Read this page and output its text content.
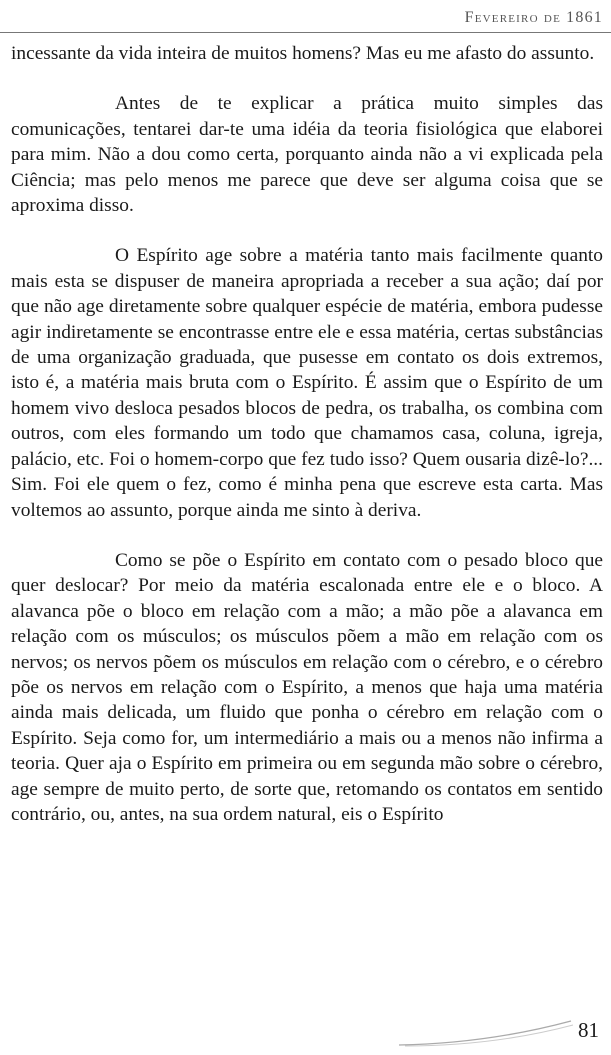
Fevereiro de 1861

incessante da vida inteira de muitos homens? Mas eu me afasto do assunto.

Antes de te explicar a prática muito simples das comunicações, tentarei dar-te uma idéia da teoria fisiológica que elaborei para mim. Não a dou como certa, porquanto ainda não a vi explicada pela Ciência; mas pelo menos me parece que deve ser alguma coisa que se aproxima disso.

O Espírito age sobre a matéria tanto mais facilmente quanto mais esta se dispuser de maneira apropriada a receber a sua ação; daí por que não age diretamente sobre qualquer espécie de matéria, embora pudesse agir indiretamente se encontrasse entre ele e essa matéria, certas substâncias de uma organização graduada, que pusesse em contato os dois extremos, isto é, a matéria mais bruta com o Espírito. É assim que o Espírito de um homem vivo desloca pesados blocos de pedra, os trabalha, os combina com outros, com eles formando um todo que chamamos casa, coluna, igreja, palácio, etc. Foi o homem-corpo que fez tudo isso? Quem ousaria dizê-lo?... Sim. Foi ele quem o fez, como é minha pena que escreve esta carta. Mas voltemos ao assunto, porque ainda me sinto à deriva.

Como se põe o Espírito em contato com o pesado bloco que quer deslocar? Por meio da matéria escalonada entre ele e o bloco. A alavanca põe o bloco em relação com a mão; a mão põe a alavanca em relação com os músculos; os músculos põem a mão em relação com os nervos; os nervos põem os músculos em relação com o cérebro, e o cérebro põe os nervos em relação com o Espírito, a menos que haja uma matéria ainda mais delicada, um fluido que ponha o cérebro em relação com o Espírito. Seja como for, um intermediário a mais ou a menos não infirma a teoria. Quer aja o Espírito em primeira ou em segunda mão sobre o cérebro, age sempre de muito perto, de sorte que, retomando os contatos em sentido contrário, ou, antes, na sua ordem natural, eis o Espírito

81
